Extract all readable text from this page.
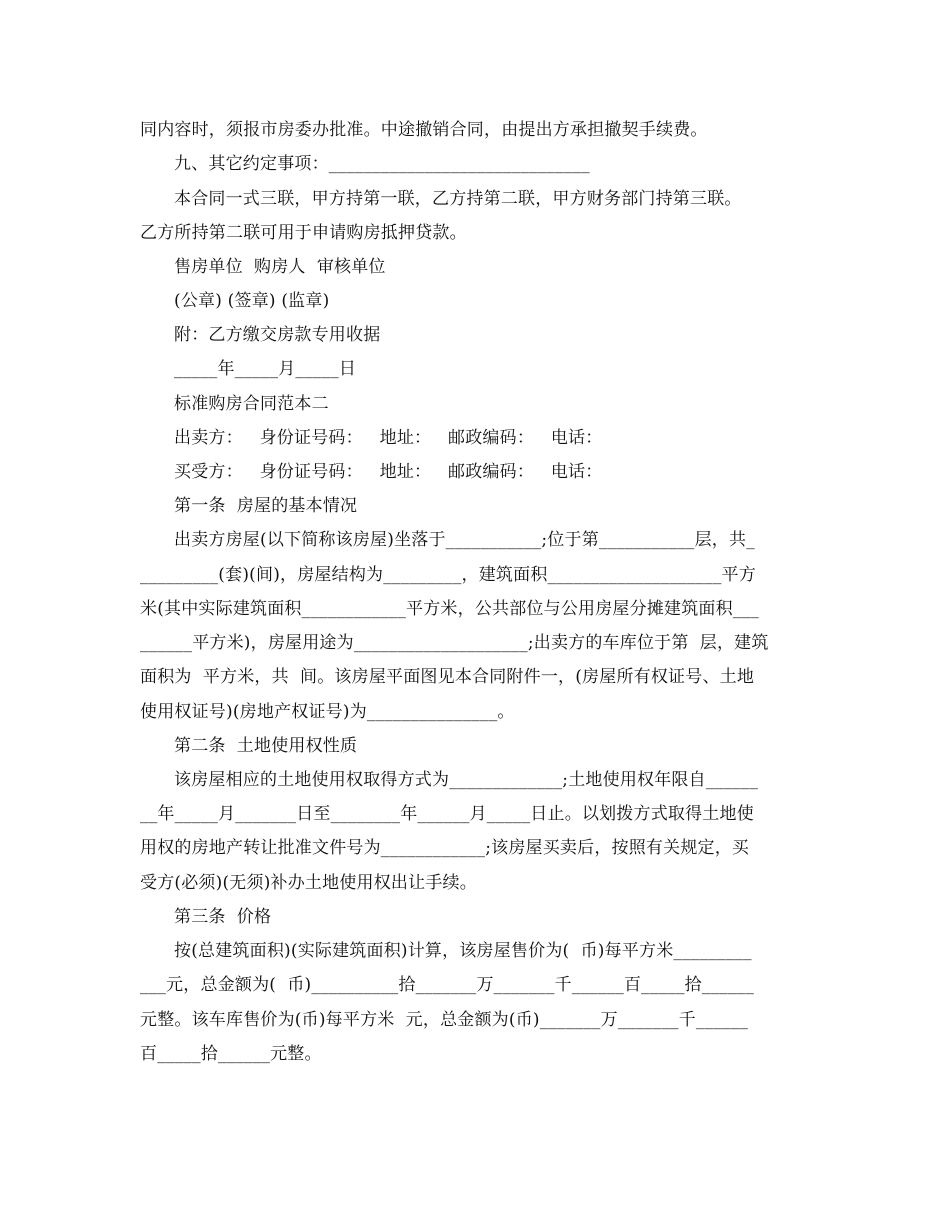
同内容时，须报市房委办批准。中途撤销合同，由提出方承担撤契手续费。
九、其它约定事项：______________________________
本合同一式三联，甲方持第一联，乙方持第二联，甲方财务部门持第三联。
乙方所持第二联可用于申请购房抵押贷款。
售房单位  购房人  审核单位
(公章) (签章) (监章)
附：乙方缴交房款专用收据
_____年_____月_____日
标准购房合同范本二
出卖方：   身份证号码：   地址：   邮政编码：   电话：
买受方：   身份证号码：   地址：   邮政编码：   电话：
第一条  房屋的基本情况
出卖方房屋(以下简称该房屋)坐落于___________;位于第___________层，共_
_________(套)(间)，房屋结构为_________，建筑面积____________________平方
米(其中实际建筑面积____________平方米，公共部位与公用房屋分摊建筑面积___
______平方米)，房屋用途为____________________;出卖方的车库位于第  层，建筑
面积为  平方米，共  间。该房屋平面图见本合同附件一，(房屋所有权证号、土地
使用权证号)(房地产权证号)为_______________。
第二条  土地使用权性质
该房屋相应的土地使用权取得方式为_____________;土地使用权年限自______
__年_____月_______日至________年______月_____日止。以划拨方式取得土地使
用权的房地产转让批准文件号为____________;该房屋买卖后，按照有关规定，买
受方(必须)(无须)补办土地使用权出让手续。
第三条  价格
按(总建筑面积)(实际建筑面积)计算，该房屋售价为(  币)每平方米_________
___元，总金额为(  币)__________拾_______万_______千______百_____拾______
元整。该车库售价为(币)每平方米  元，总金额为(币)_______万_______千______
百_____拾______元整。
